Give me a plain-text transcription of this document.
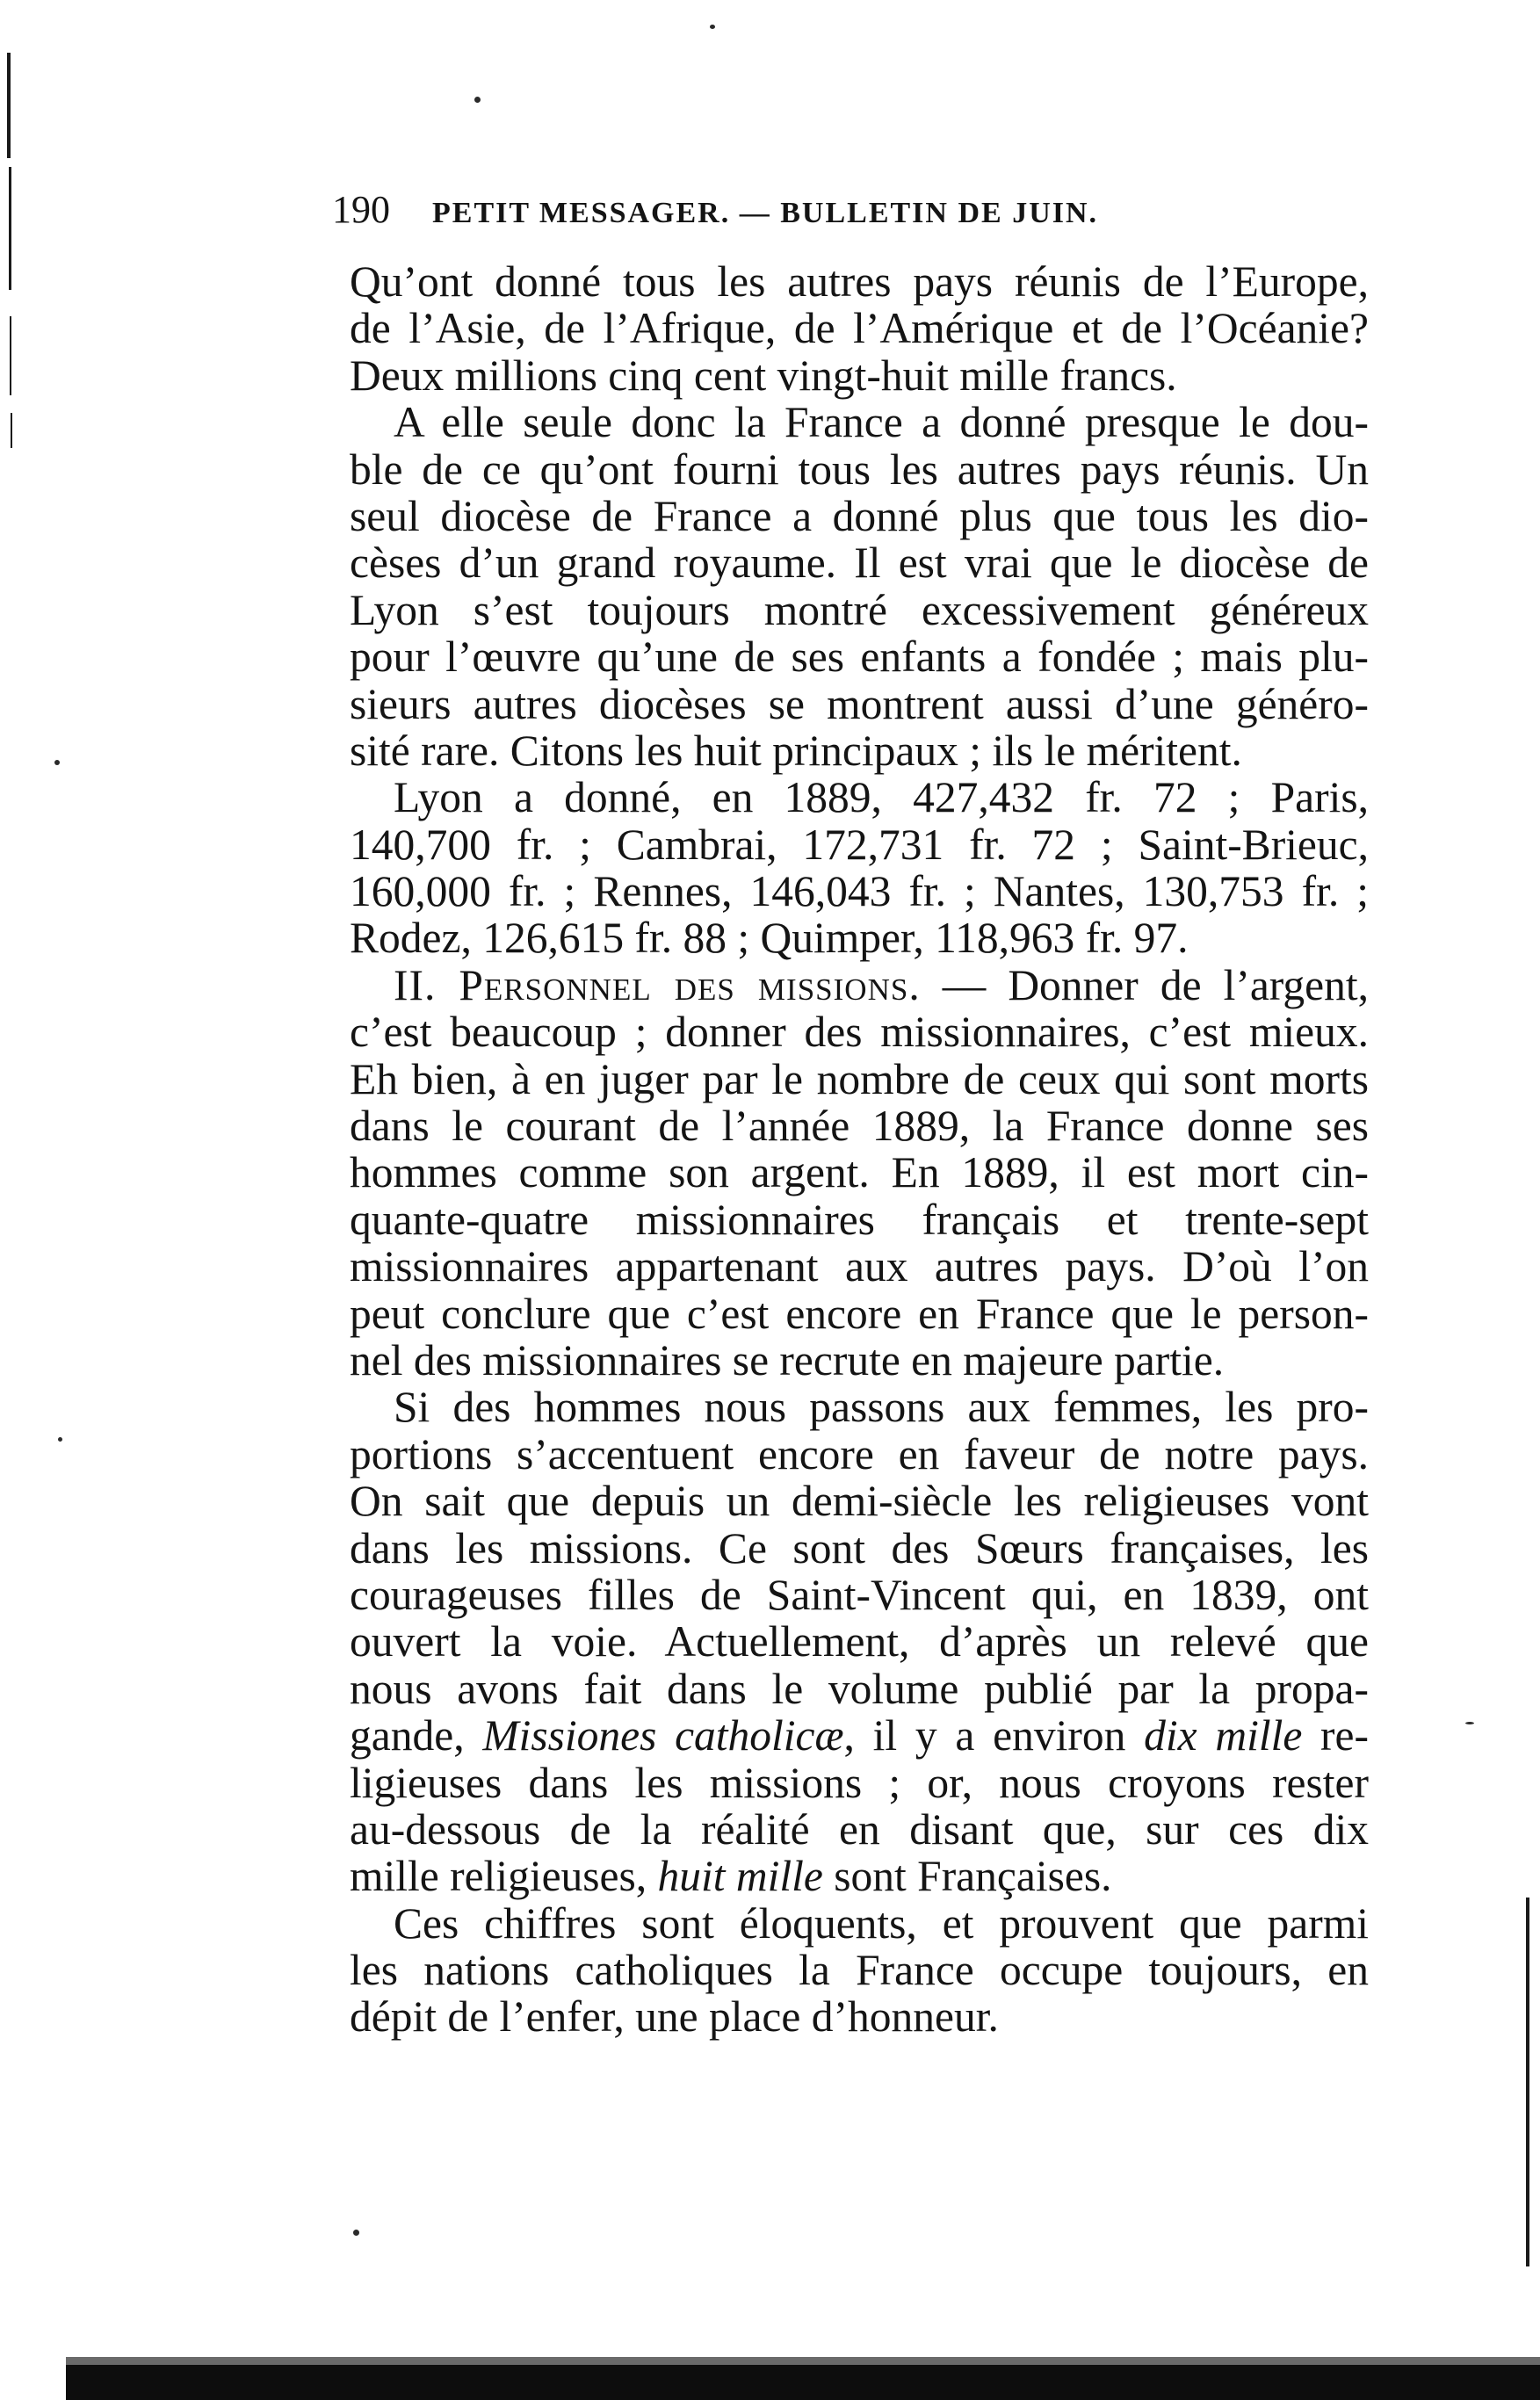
190 PETIT MESSAGER. — BULLETIN DE JUIN.
Qu’ont donné tous les autres pays réunis de l’Europe,
de l’Asie, de l’Afrique, de l’Amérique et de l’Océanie?
Deux millions cinq cent vingt-huit mille francs.
A elle seule donc la France a donné presque le dou-
ble de ce qu’ont fourni tous les autres pays réunis. Un
seul diocèse de France a donné plus que tous les dio-
cèses d’un grand royaume. Il est vrai que le diocèse de
Lyon s’est toujours montré excessivement généreux
pour l’œuvre qu’une de ses enfants a fondée ; mais plu-
sieurs autres diocèses se montrent aussi d’une généro-
sité rare. Citons les huit principaux ; ils le méritent.
Lyon a donné, en 1889, 427,432 fr. 72 ; Paris,
140,700 fr. ; Cambrai, 172,731 fr. 72 ; Saint-Brieuc,
160,000 fr. ; Rennes, 146,043 fr. ; Nantes, 130,753 fr. ;
Rodez, 126,615 fr. 88 ; Quimper, 118,963 fr. 97.
II. Personnel des missions. — Donner de l’argent,
c’est beaucoup ; donner des missionnaires, c’est mieux.
Eh bien, à en juger par le nombre de ceux qui sont morts
dans le courant de l’année 1889, la France donne ses
hommes comme son argent. En 1889, il est mort cin-
quante-quatre missionnaires français et trente-sept
missionnaires appartenant aux autres pays. D’où l’on
peut conclure que c’est encore en France que le person-
nel des missionnaires se recrute en majeure partie.
Si des hommes nous passons aux femmes, les pro-
portions s’accentuent encore en faveur de notre pays.
On sait que depuis un demi-siècle les religieuses vont
dans les missions. Ce sont des Sœurs françaises, les
courageuses filles de Saint-Vincent qui, en 1839, ont
ouvert la voie. Actuellement, d’après un relevé que
nous avons fait dans le volume publié par la propa-
gande, Missiones catholicæ, il y a environ dix mille re-
ligieuses dans les missions ; or, nous croyons rester
au-dessous de la réalité en disant que, sur ces dix
mille religieuses, huit mille sont Françaises.
Ces chiffres sont éloquents, et prouvent que parmi
les nations catholiques la France occupe toujours, en
dépit de l’enfer, une place d’honneur.
